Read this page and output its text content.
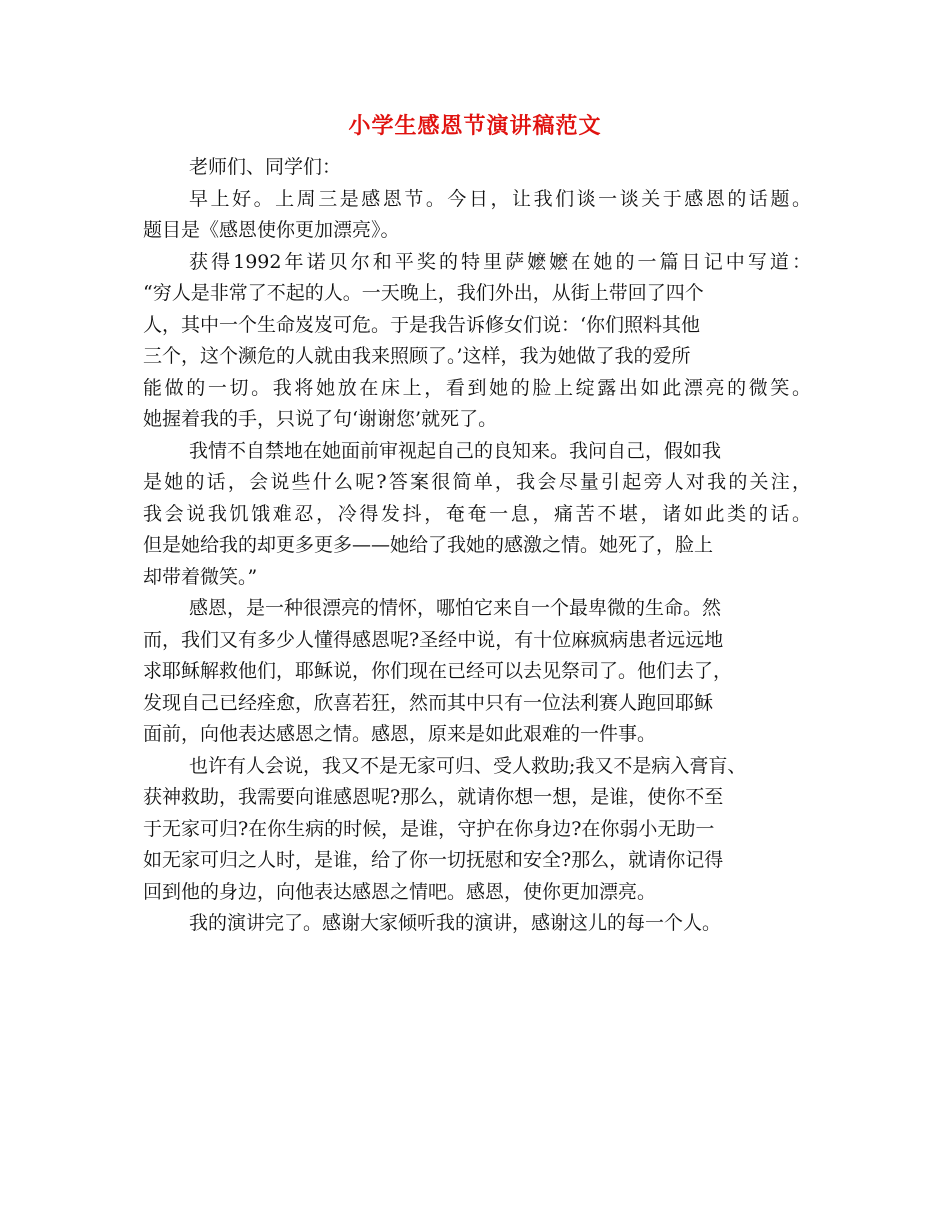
小学生感恩节演讲稿范文
老师们、同学们：
早上好。上周三是感恩节。今日，让我们谈一谈关于感恩的话题。
题目是《感恩使你更加漂亮》。
获得1992年诺贝尔和平奖的特里萨嬷嬷在她的一篇日记中写道：
“穷人是非常了不起的人。一天晚上，我们外出，从街上带回了四个
人，其中一个生命岌岌可危。于是我告诉修女们说：‘你们照料其他
三个，这个濒危的人就由我来照顾了。’这样，我为她做了我的爱所
能做的一切。我将她放在床上，看到她的脸上绽露出如此漂亮的微笑。
她握着我的手，只说了句‘谢谢您’就死了。
我情不自禁地在她面前审视起自己的良知来。我问自己，假如我
是她的话，会说些什么呢?答案很简单，我会尽量引起旁人对我的关注，
我会说我饥饿难忍，冷得发抖，奄奄一息，痛苦不堪，诸如此类的话。
但是她给我的却更多更多——她给了我她的感激之情。她死了，脸上
却带着微笑。”
感恩，是一种很漂亮的情怀，哪怕它来自一个最卑微的生命。然
而，我们又有多少人懂得感恩呢?圣经中说，有十位麻疯病患者远远地
求耶稣解救他们，耶稣说，你们现在已经可以去见祭司了。他们去了，
发现自己已经痊愈，欣喜若狂，然而其中只有一位法利赛人跑回耶稣
面前，向他表达感恩之情。感恩，原来是如此艰难的一件事。
也许有人会说，我又不是无家可归、受人救助;我又不是病入膏肓、
获神救助，我需要向谁感恩呢?那么，就请你想一想，是谁，使你不至
于无家可归?在你生病的时候，是谁，守护在你身边?在你弱小无助一
如无家可归之人时，是谁，给了你一切抚慰和安全?那么，就请你记得
回到他的身边，向他表达感恩之情吧。感恩，使你更加漂亮。
我的演讲完了。感谢大家倾听我的演讲，感谢这儿的每一个人。
